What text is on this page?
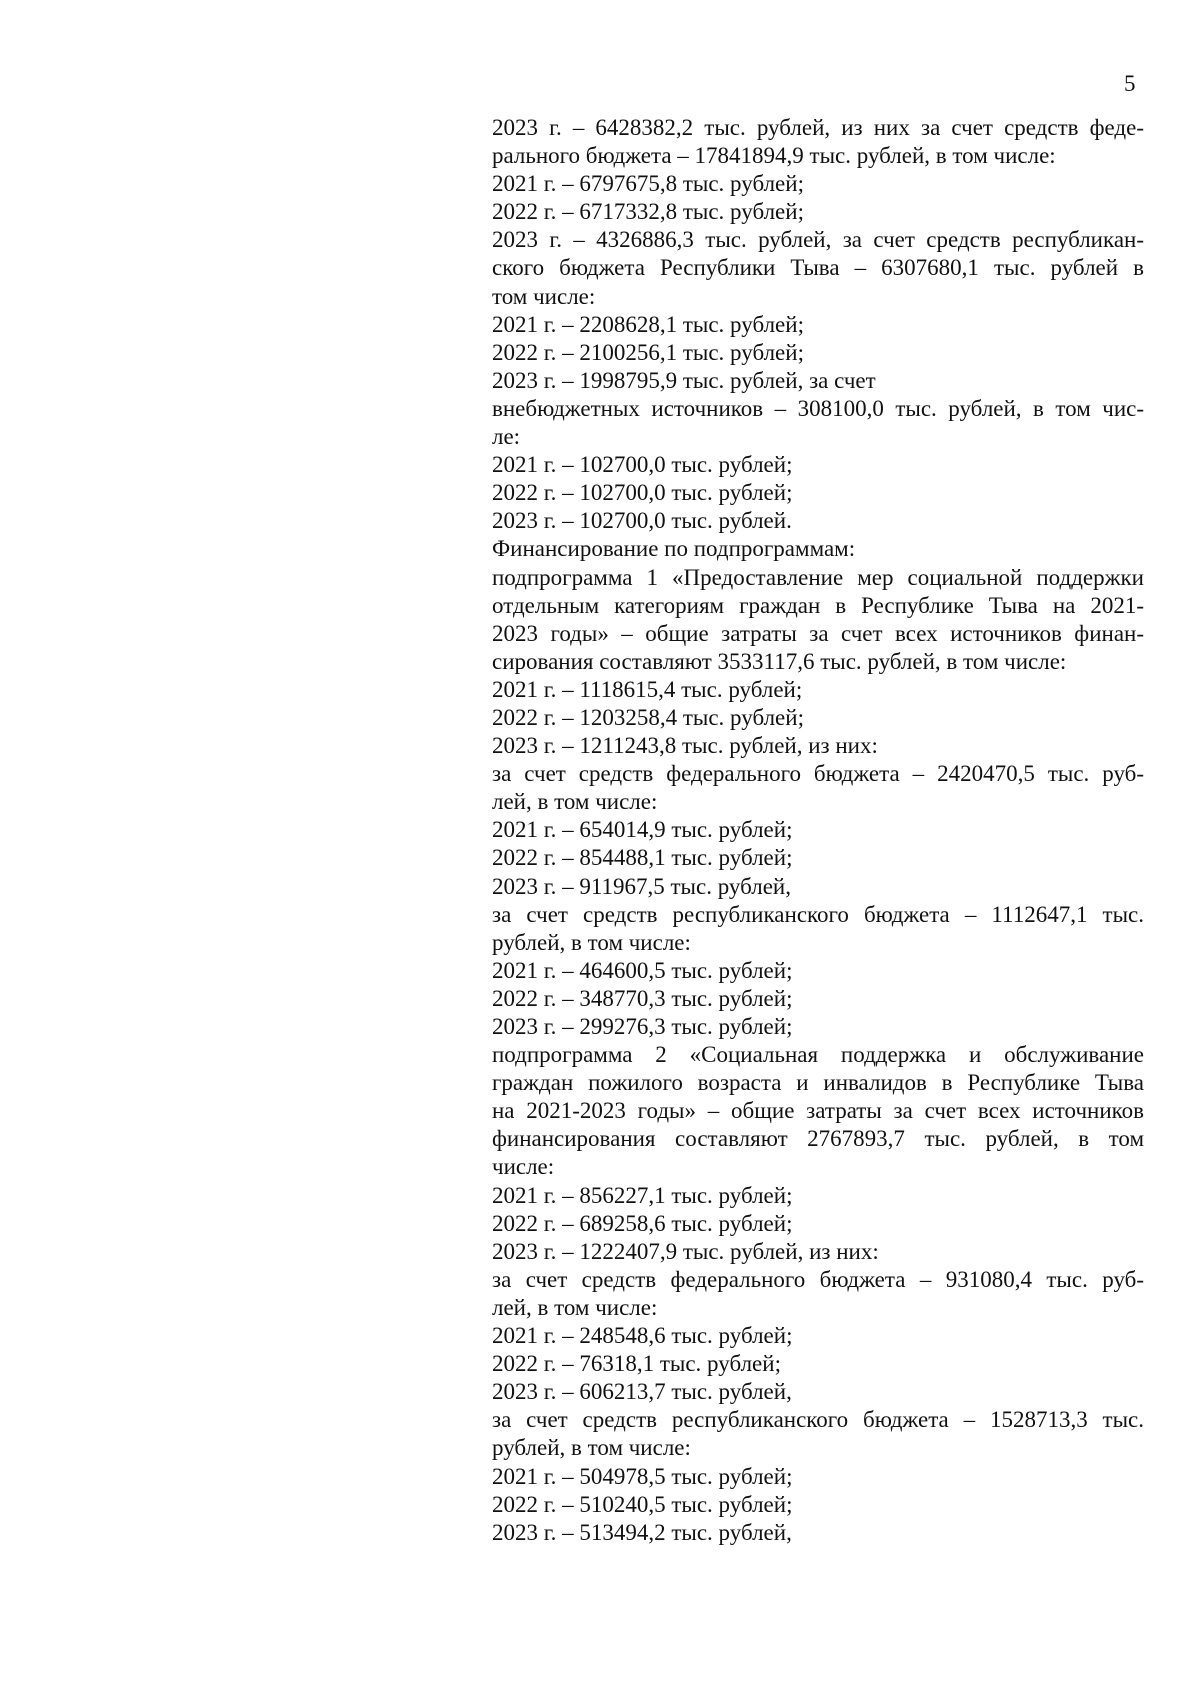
5
2023 г. – 6428382,2 тыс. рублей, из них за счет средств феде-
рального бюджета – 17841894,9 тыс. рублей, в том числе:
2021 г. – 6797675,8 тыс. рублей;
2022 г. – 6717332,8 тыс. рублей;
2023 г. – 4326886,3 тыс. рублей, за счет средств республикан-
ского бюджета Республики Тыва – 6307680,1 тыс. рублей в
том числе:
2021 г. – 2208628,1 тыс. рублей;
2022 г. – 2100256,1 тыс. рублей;
2023 г. – 1998795,9 тыс. рублей, за счет
внебюджетных источников – 308100,0 тыс. рублей, в том чис-
ле:
2021 г. – 102700,0 тыс. рублей;
2022 г. – 102700,0 тыс. рублей;
2023 г. – 102700,0 тыс. рублей.
Финансирование по подпрограммам:
подпрограмма 1 «Предоставление мер социальной поддержки
отдельным категориям граждан в Республике Тыва на 2021-
2023 годы» – общие затраты за счет всех источников финан-
сирования составляют 3533117,6 тыс. рублей, в том числе:
2021 г. – 1118615,4 тыс. рублей;
2022 г. – 1203258,4 тыс. рублей;
2023 г. – 1211243,8 тыс. рублей, из них:
за счет средств федерального бюджета – 2420470,5 тыс. руб-
лей, в том числе:
2021 г. – 654014,9 тыс. рублей;
2022 г. – 854488,1 тыс. рублей;
2023 г. – 911967,5 тыс. рублей,
за счет средств республиканского бюджета – 1112647,1 тыс.
рублей, в том числе:
2021 г. – 464600,5 тыс. рублей;
2022 г. – 348770,3 тыс. рублей;
2023 г. – 299276,3 тыс. рублей;
подпрограмма 2 «Социальная поддержка и обслуживание
граждан пожилого возраста и инвалидов в Республике Тыва
на 2021-2023 годы» – общие затраты за счет всех источников
финансирования составляют 2767893,7 тыс. рублей, в том
числе:
2021 г. – 856227,1 тыс. рублей;
2022 г. – 689258,6 тыс. рублей;
2023 г. – 1222407,9 тыс. рублей, из них:
за счет средств федерального бюджета – 931080,4 тыс. руб-
лей, в том числе:
2021 г. – 248548,6 тыс. рублей;
2022 г. – 76318,1 тыс. рублей;
2023 г. – 606213,7 тыс. рублей,
за счет средств республиканского бюджета – 1528713,3 тыс.
рублей, в том числе:
2021 г. – 504978,5 тыс. рублей;
2022 г. – 510240,5 тыс. рублей;
2023 г. – 513494,2 тыс. рублей,
